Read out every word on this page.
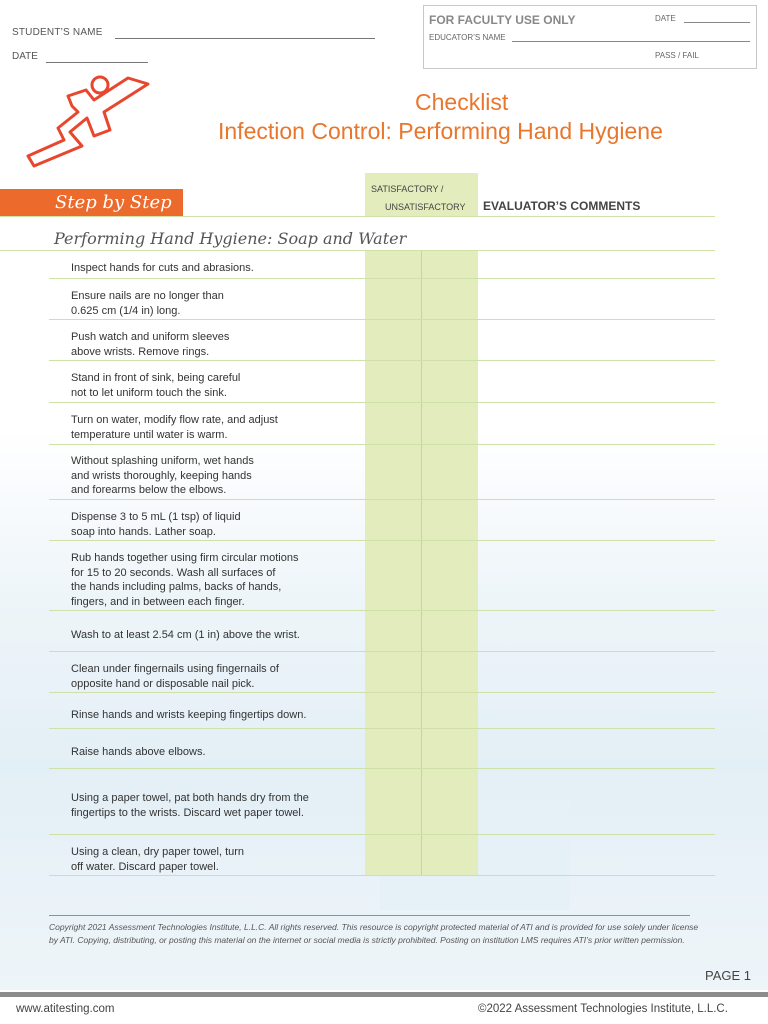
STUDENT’S NAME
DATE
FOR FACULTY USE ONLY	DATE
EDUCATOR’S NAME
PASS / FAIL
Checklist
Infection Control: Performing Hand Hygiene
Step by Step
SATISFACTORY /
UNSATISFACTORY EVALUATOR’S COMMENTS
Performing Hand Hygiene: Soap and Water
Inspect hands for cuts and abrasions.
Ensure nails are no longer than
0.625 cm (1/4 in) long.
Push watch and uniform sleeves
above wrists. Remove rings.
Stand in front of sink, being careful
not to let uniform touch the sink.
Turn on water, modify flow rate, and adjust
temperature until water is warm.
Without splashing uniform, wet hands
and wrists thoroughly, keeping hands
and forearms below the elbows.
Dispense 3 to 5 mL (1 tsp) of liquid
soap into hands. Lather soap.
Rub hands together using firm circular motions
for 15 to 20 seconds. Wash all surfaces of
the hands including palms, backs of hands,
fingers, and in between each finger.
Wash to at least 2.54 cm (1 in) above the wrist.
Clean under fingernails using fingernails of
opposite hand or disposable nail pick.
Rinse hands and wrists keeping fingertips down.
Raise hands above elbows.
Using a paper towel, pat both hands dry from the
fingertips to the wrists. Discard wet paper towel.
Using a clean, dry paper towel, turn
off water. Discard paper towel.
Copyright 2021 Assessment Technologies Institute, L.L.C. All rights reserved. This resource is copyright protected material of ATI and is provided for use solely under license by ATI. Copying, distributing, or posting this material on the internet or social media is strictly prohibited. Posting on institution LMS requires ATI’s prior written permission.
PAGE 1
www.atitesting.com	©2022 Assessment Technologies Institute, L.L.C.
